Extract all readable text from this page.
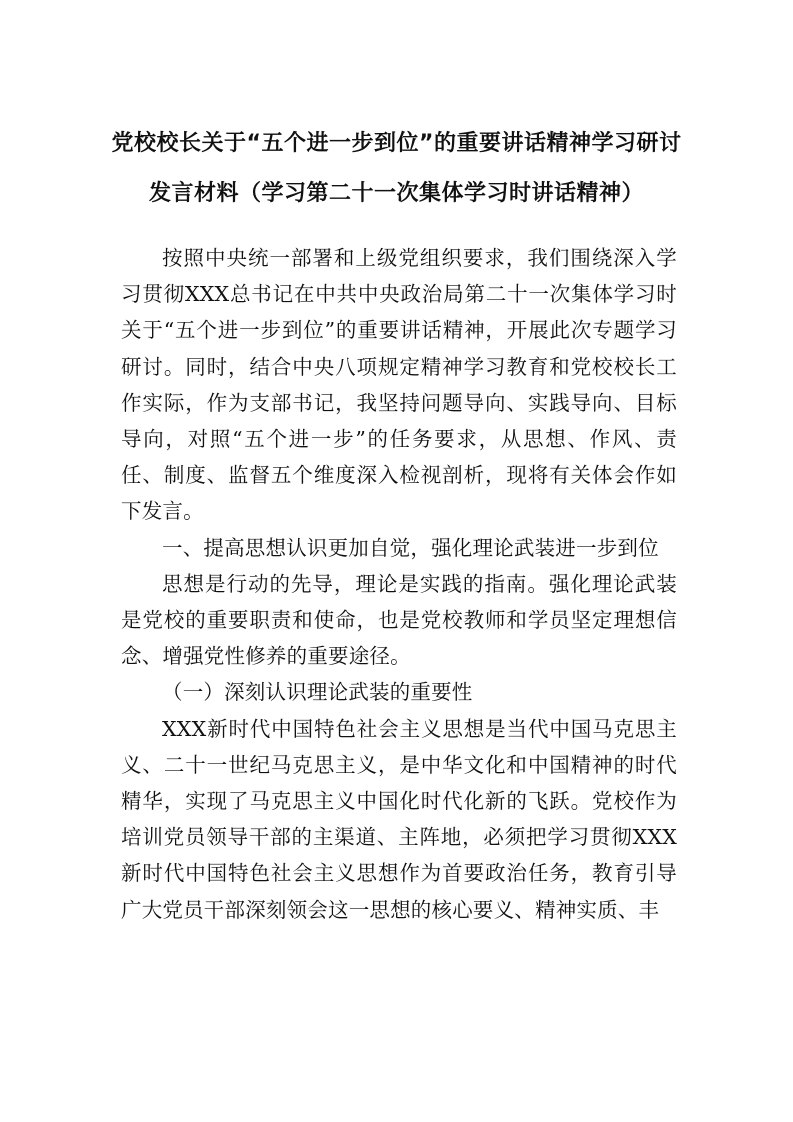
党校校长关于“五个进一步到位”的重要讲话精神学习研讨
发言材料（学习第二十一次集体学习时讲话精神）

按照中央统一部署和上级党组织要求，我们围绕深入学习贯彻XXX总书记在中共中央政治局第二十一次集体学习时关于“五个进一步到位”的重要讲话精神，开展此次专题学习研讨。同时，结合中央八项规定精神学习教育和党校校长工作实际，作为支部书记，我坚持问题导向、实践导向、目标导向，对照“五个进一步”的任务要求，从思想、作风、责任、制度、监督五个维度深入检视剖析，现将有关体会作如下发言。

一、提高思想认识更加自觉，强化理论武装进一步到位

思想是行动的先导，理论是实践的指南。强化理论武装是党校的重要职责和使命，也是党校教师和学员坚定理想信念、增强党性修养的重要途径。

（一）深刻认识理论武装的重要性

XXX新时代中国特色社会主义思想是当代中国马克思主义、二十一世纪马克思主义，是中华文化和中国精神的时代精华，实现了马克思主义中国化时代化新的飞跃。党校作为培训党员领导干部的主渠道、主阵地，必须把学习贯彻XXX新时代中国特色社会主义思想作为首要政治任务，教育引导广大党员干部深刻领会这一思想的核心要义、精神实质、丰
